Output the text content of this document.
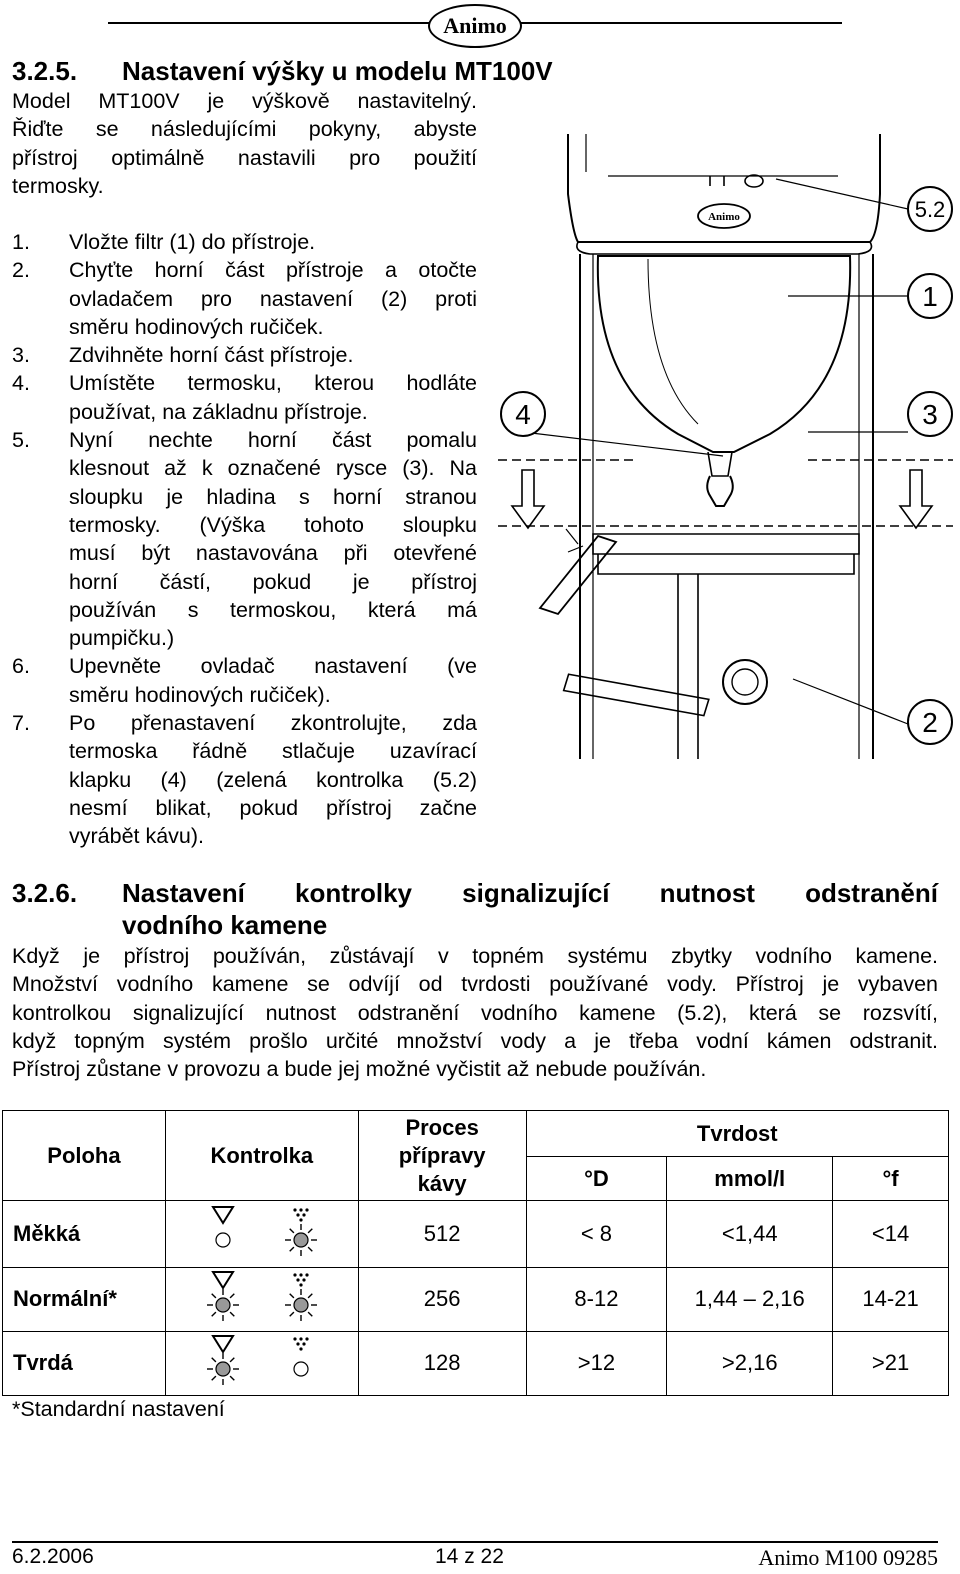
Animo
3.2.5. Nastavení výšky u modelu MT100V
Model MT100V je výškově nastavitelný.
Řiďte se následujícími pokyny, abyste
přístroj optimálně nastavili pro použití
termosky.
1.	Vložte filtr (1) do přístroje.
2.	Chyťte horní část přístroje a otočte
ovladačem pro nastavení (2) proti
směru hodinových ručiček.
3.	Zdvihněte horní část přístroje.
4.	Umístěte termosku, kterou hodláte
používat, na základnu přístroje.
5.	Nyní nechte horní část pomalu
klesnout až k označené rysce (3). Na
sloupku je hladina s horní stranou
termosky. (Výška tohoto sloupku
musí být nastavována při otevřené
horní částí, pokud je přístroj
používán s termoskou, která má
pumpičku.)
6.	Upevněte ovladač nastavení (ve
směru hodinových ručiček).
7.	Po přenastavení zkontrolujte, zda
termoska řádně stlačuje uzavírací
klapku (4) (zelená kontrolka (5.2)
nesmí blikat, pokud přístroj začne
vyrábět kávu).
Animo	5.2
1
4	3
2
3.2.6. Nastavení kontrolky signalizující nutnost odstranění
vodního kamene
Když je přístroj používán, zůstávají v topném systému zbytky vodního kamene.
Množství vodního kamene se odvíjí od tvrdosti používané vody. Přístroj je vybaven
kontrolkou signalizující nutnost odstranění vodního kamene (5.2), která se rozsvítí,
když topným systém prošlo určité množství vody a je třeba vodní kámen odstranit.
Přístroj zůstane v provozu a bude jej možné vyčistit až nebude používán.
Poloha	Kontrolka	Proces
přípravy
kávy	Tvrdost		
			°D	mmol/l	°f
Měkká		512	< 8	<1,44	<14
Normální*		256	8-12	1,44 – 2,16	14-21
Tvrdá		128	>12	>2,16	>21
*Standardní nastavení
6.2.2006	14 z 22	Animo M100 09285
